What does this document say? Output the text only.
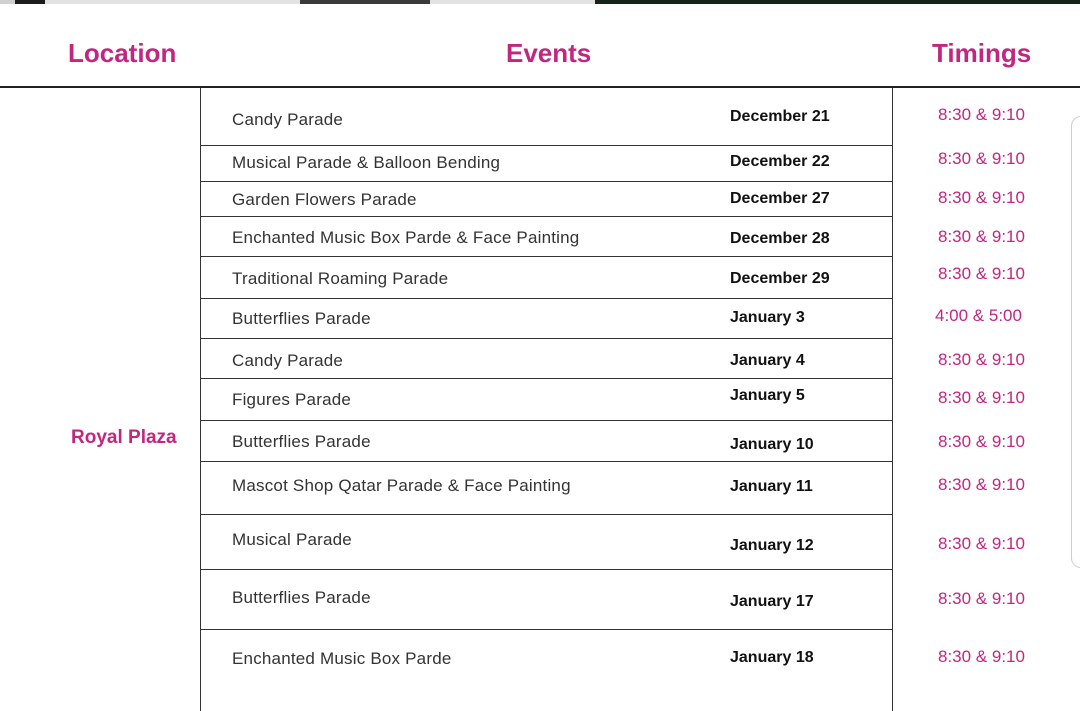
Location	Events	Timings
Royal Plaza
Candy Parade	December 21	8:30 & 9:10
Musical Parade & Balloon Bending	December 22	8:30 & 9:10
Garden Flowers Parade	December 27	8:30 & 9:10
Enchanted Music Box Parde & Face Painting	December 28	8:30 & 9:10
Traditional Roaming Parade	December 29	8:30 & 9:10
Butterflies Parade	January 3	4:00 & 5:00
Candy Parade	January 4	8:30 & 9:10
Figures Parade	January 5	8:30 & 9:10
Butterflies Parade	January 10	8:30 & 9:10
Mascot Shop Qatar Parade & Face Painting	January 11	8:30 & 9:10
Musical Parade	January 12	8:30 & 9:10
Butterflies Parade	January 17	8:30 & 9:10
Enchanted Music Box Parde	January 18	8:30 & 9:10
